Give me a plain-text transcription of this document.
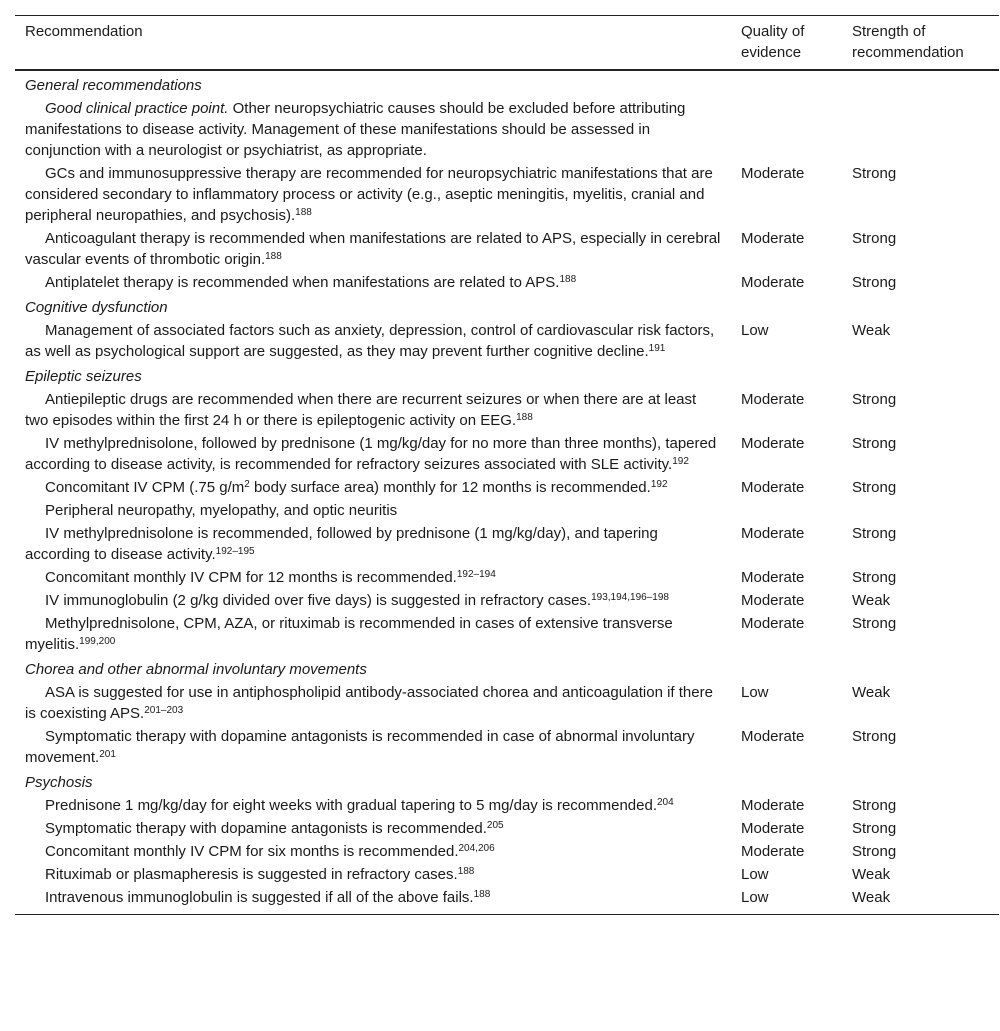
Recommendation	Quality of evidence	Strength of recommendation
General recommendations		
Good clinical practice point. Other neuropsychiatric causes should be excluded before attributing manifestations to disease activity. Management of these manifestations should be assessed in conjunction with a neurologist or psychiatrist, as appropriate.		
GCs and immunosuppressive therapy are recommended for neuropsychiatric manifestations that are considered secondary to inflammatory process or activity (e.g., aseptic meningitis, myelitis, cranial and peripheral neuropathies, and psychosis).$^{188}$	Moderate	Strong
Anticoagulant therapy is recommended when manifestations are related to APS, especially in cerebral vascular events of thrombotic origin.$^{188}$	Moderate	Strong
Antiplatelet therapy is recommended when manifestations are related to APS.$^{188}$	Moderate	Strong
Cognitive dysfunction		
Management of associated factors such as anxiety, depression, control of cardiovascular risk factors, as well as psychological support are suggested, as they may prevent further cognitive decline.$^{191}$	Low	Weak
Epileptic seizures		
Antiepileptic drugs are recommended when there are recurrent seizures or when there are at least two episodes within the first 24 h or there is epileptogenic activity on EEG.$^{188}$	Moderate	Strong
IV methylprednisolone, followed by prednisone (1 mg/kg/day for no more than three months), tapered according to disease activity, is recommended for refractory seizures associated with SLE activity.$^{192}$	Moderate	Strong
Concomitant IV CPM (.75 $g/m^2$ body surface area) monthly for 12 months is recommended.$^{192}$	Moderate	Strong
Peripheral neuropathy, myelopathy, and optic neuritis		
IV methylprednisolone is recommended, followed by prednisone (1 mg/kg/day), and tapering according to disease activity.$^{192-195}$	Moderate	Strong
Concomitant monthly IV CPM for 12 months is recommended.$^{192-194}$	Moderate	Strong
IV immunoglobulin (2 g/kg divided over five days) is suggested in refractory cases.$^{193,194,196-198}$	Moderate	Weak
Methylprednisolone, CPM, AZA, or rituximab is recommended in cases of extensive transverse myelitis.$^{199,200}$	Moderate	Strong
Chorea and other abnormal involuntary movements		
ASA is suggested for use in antiphospholipid antibody-associated chorea and anticoagulation if there is coexisting APS.$^{201-203}$	Low	Weak
Symptomatic therapy with dopamine antagonists is recommended in case of abnormal involuntary movement.$^{201}$	Moderate	Strong
Psychosis		
Prednisone 1 mg/kg/day for eight weeks with gradual tapering to 5 mg/day is recommended.$^{204}$	Moderate	Strong
Symptomatic therapy with dopamine antagonists is recommended.$^{205}$	Moderate	Strong
Concomitant monthly IV CPM for six months is recommended.$^{204,206}$	Moderate	Strong
Rituximab or plasmapheresis is suggested in refractory cases.$^{188}$	Low	Weak
Intravenous immunoglobulin is suggested if all of the above fails.$^{188}$	Low	Weak
